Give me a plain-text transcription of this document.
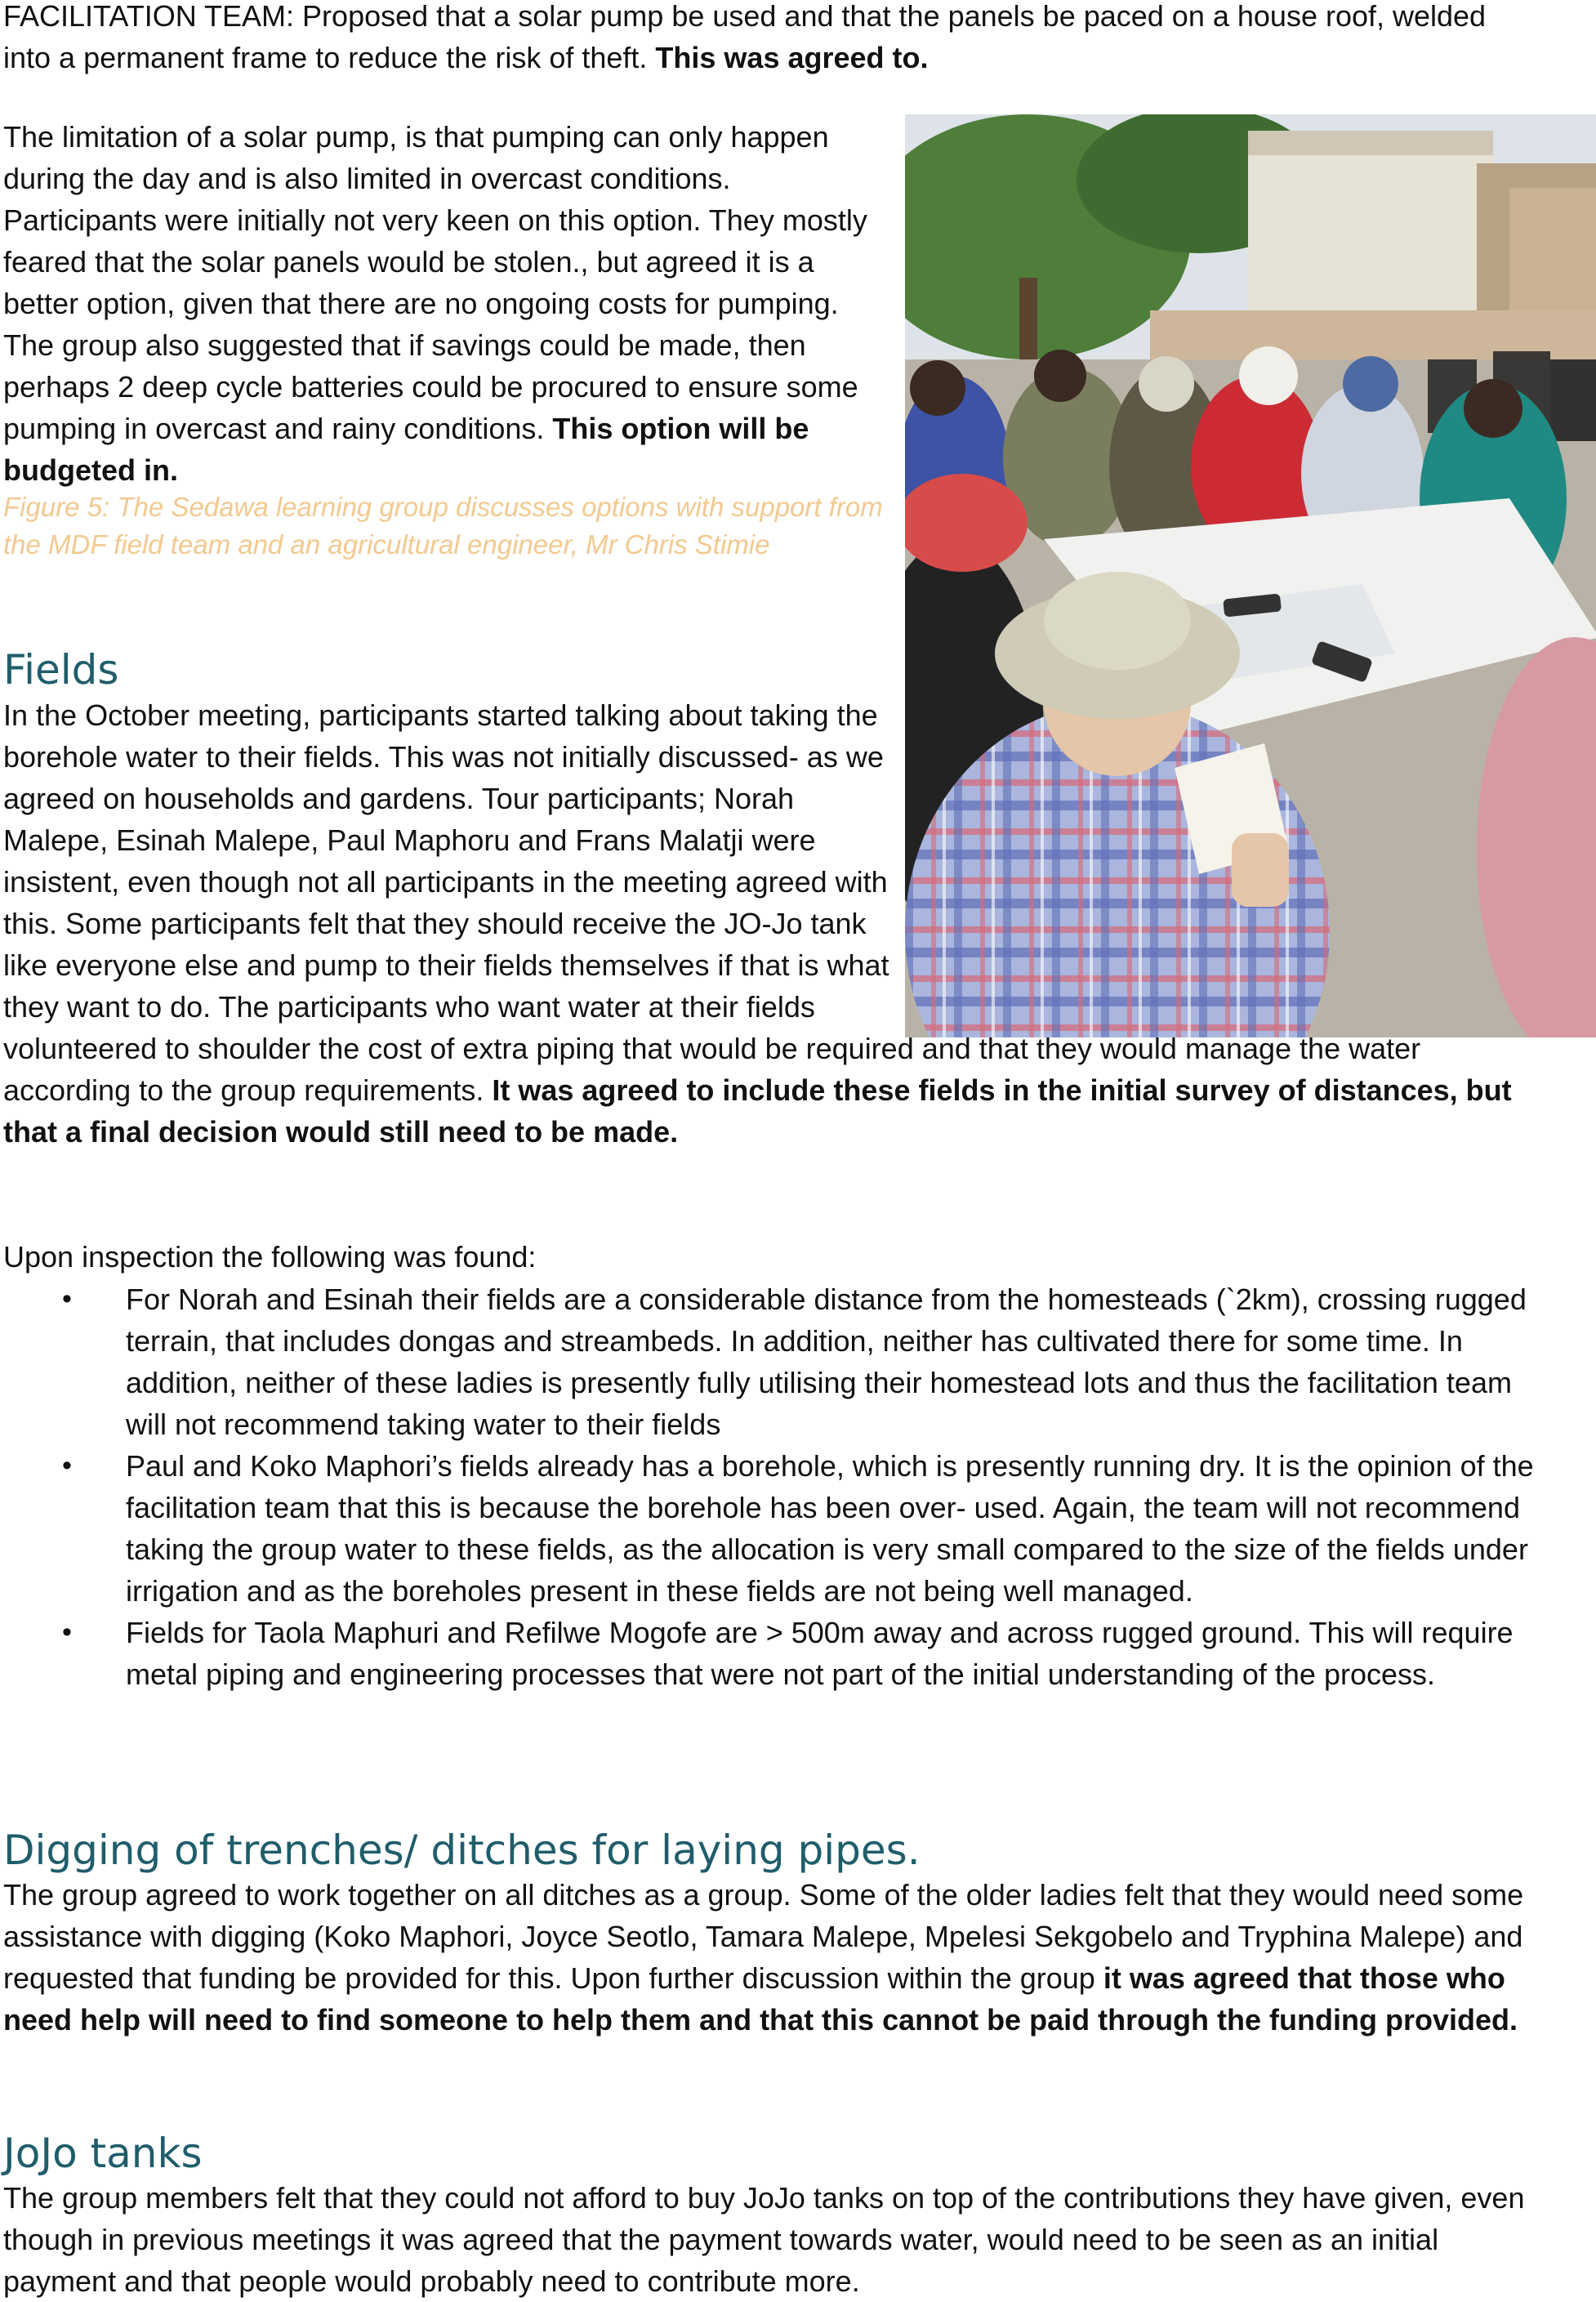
FACILITATION TEAM: Proposed that a solar pump be used and that the panels be paced on a house roof, welded into a permanent frame to reduce the risk of theft. This was agreed to.

The limitation of a solar pump, is that pumping can only happen during the day and is also limited in overcast conditions. Participants were initially not very keen on this option. They mostly feared that the solar panels would be stolen., but agreed it is a better option, given that there are no ongoing costs for pumping. The group also suggested that if savings could be made, then perhaps 2 deep cycle batteries could be procured to ensure some pumping in overcast and rainy conditions. This option will be budgeted in.

Figure 5: The Sedawa learning group discusses options with support from the MDF field team and an agricultural engineer, Mr Chris Stimie

Fields

In the October meeting, participants started talking about taking the borehole water to their fields. This was not initially discussed- as we agreed on households and gardens. Tour participants; Norah Malepe, Esinah Malepe, Paul Maphoru and Frans Malatji were insistent, even though not all participants in the meeting agreed with this. Some participants felt that they should receive the JO-Jo tank like everyone else and pump to their fields themselves if that is what they want to do. The participants who want water at their fields
volunteered to shoulder the cost of extra piping that would be required and that they would manage the water according to the group requirements. It was agreed to include these fields in the initial survey of distances, but that a final decision would still need to be made.

Upon inspection the following was found:

• For Norah and Esinah their fields are a considerable distance from the homesteads (`2km), crossing rugged terrain, that includes dongas and streambeds. In addition, neither has cultivated there for some time. In addition, neither of these ladies is presently fully utilising their homestead lots and thus the facilitation team will not recommend taking water to their fields
• Paul and Koko Maphori’s fields already has a borehole, which is presently running dry. It is the opinion of the facilitation team that this is because the borehole has been over- used. Again, the team will not recommend taking the group water to these fields, as the allocation is very small compared to the size of the fields under irrigation and as the boreholes present in these fields are not being well managed.
• Fields for Taola Maphuri and Refilwe Mogofe are > 500m away and across rugged ground. This will require metal piping and engineering processes that were not part of the initial understanding of the process.
Digging of trenches/ ditches for laying pipes.

The group agreed to work together on all ditches as a group. Some of the older ladies felt that they would need some assistance with digging (Koko Maphori, Joyce Seotlo, Tamara Malepe, Mpelesi Sekgobelo and Tryphina Malepe) and requested that funding be provided for this. Upon further discussion within the group it was agreed that those who need help will need to find someone to help them and that this cannot be paid through the funding provided.

JoJo tanks

The group members felt that they could not afford to buy JoJo tanks on top of the contributions they have given, even though in previous meetings it was agreed that the payment towards water, would need to be seen as an initial payment and that people would probably need to contribute more.
